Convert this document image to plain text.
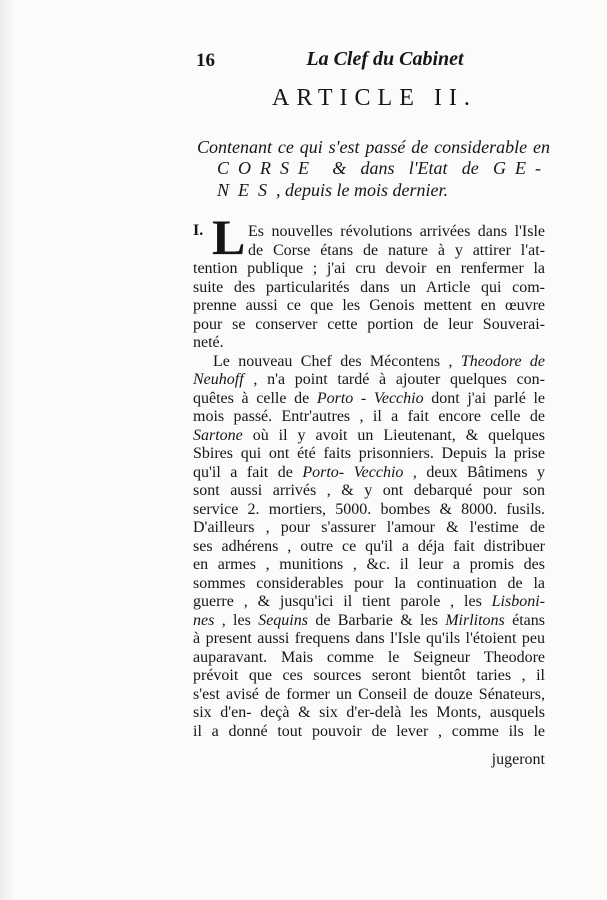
16	La Clef du Cabinet
ARTICLE II.
Contenant ce qui s'est passé de considerable en
CORSE & dans l'Etat de GE-
NES, depuis le mois dernier.
I. L Es nouvelles révolutions arrivées dans l'Isle
de Corse étans de nature à y attirer l'at-
tention publique ; j'ai cru devoir en renfermer la
suite des particularités dans un Article qui com-
prenne aussi ce que les Genois mettent en œuvre
pour se conserver cette portion de leur Souverai-
neté.
Le nouveau Chef des Mécontens , Theodore de
Neuhoff , n'a point tardé à ajouter quelques con-
quêtes à celle de Porto - Vecchio dont j'ai parlé le
mois passé. Entr'autres , il a fait encore celle de
Sartone où il y avoit un Lieutenant, & quelques
Sbires qui ont été faits prisonniers. Depuis la prise
qu'il a fait de Porto- Vecchio , deux Bâtimens y
sont aussi arrivés , & y ont debarqué pour son
service 2. mortiers, 5000. bombes & 8000. fusils.
D'ailleurs , pour s'assurer l'amour & l'estime de
ses adhérens , outre ce qu'il a déja fait distribuer
en armes , munitions , &c. il leur a promis des
sommes considerables pour la continuation de la
guerre , & jusqu'ici il tient parole , les Lisboni-
nes , les Sequins de Barbarie & les Mirlitons étans
à present aussi frequens dans l'Isle qu'ils l'étoient peu
auparavant. Mais comme le Seigneur Theodore
prévoit que ces sources seront bientôt taries , il
s'est avisé de former un Conseil de douze Sénateurs,
six d'en- deçà & six d'er-delà les Monts, ausquels
il a donné tout pouvoir de lever , comme ils le
jugeront
